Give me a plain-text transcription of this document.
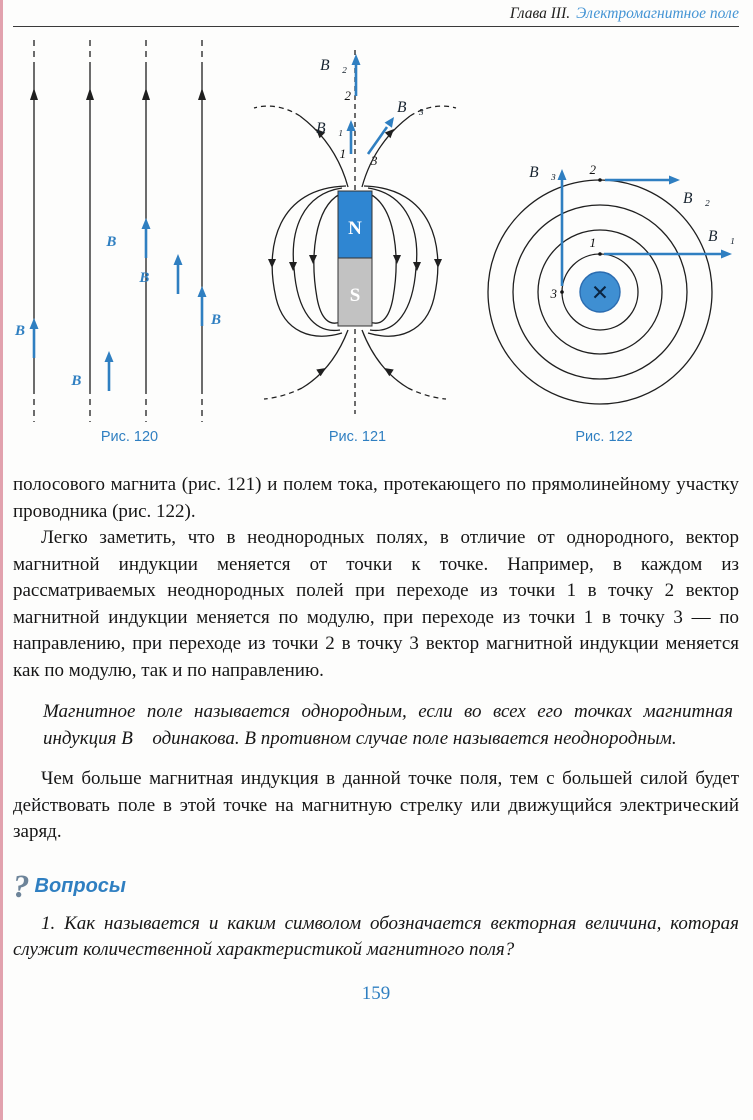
Глава III. Электромагнитное поле
B⃗
B⃗
B⃗
B⃗
B⃗
Рис. 120
N
S
B⃗₂
2
B⃗₁
1
B⃗₃
3
Рис. 121
×
B⃗₁
1
B⃗₂
2
B⃗₃
3
Рис. 122

полосового магнита (рис. 121) и полем тока, протекающего по прямолинейному участку проводника (рис. 122).

Легко заметить, что в неоднородных полях, в отличие от однородного, вектор магнитной индукции меняется от точки к точке. Например, в каждом из рассматриваемых неоднородных полей при переходе из точки 1 в точку 2 вектор магнитной индукции меняется по модулю, при переходе из точки 1 в точку 3 — по направлению, при переходе из точки 2 в точку 3 вектор магнитной индукции меняется как по модулю, так и по направлению.

Магнитное поле называется однородным, если во всех его точках магнитная индукция B⃗ одинакова. В противном случае поле называется неоднородным.

Чем больше магнитная индукция в данной точке поля, тем с большей силой будет действовать поле в этой точке на магнитную стрелку или движущийся электрический заряд.

? Вопросы

1. Как называется и каким символом обозначается векторная величина, которая служит количественной характеристикой магнитного поля?

159
